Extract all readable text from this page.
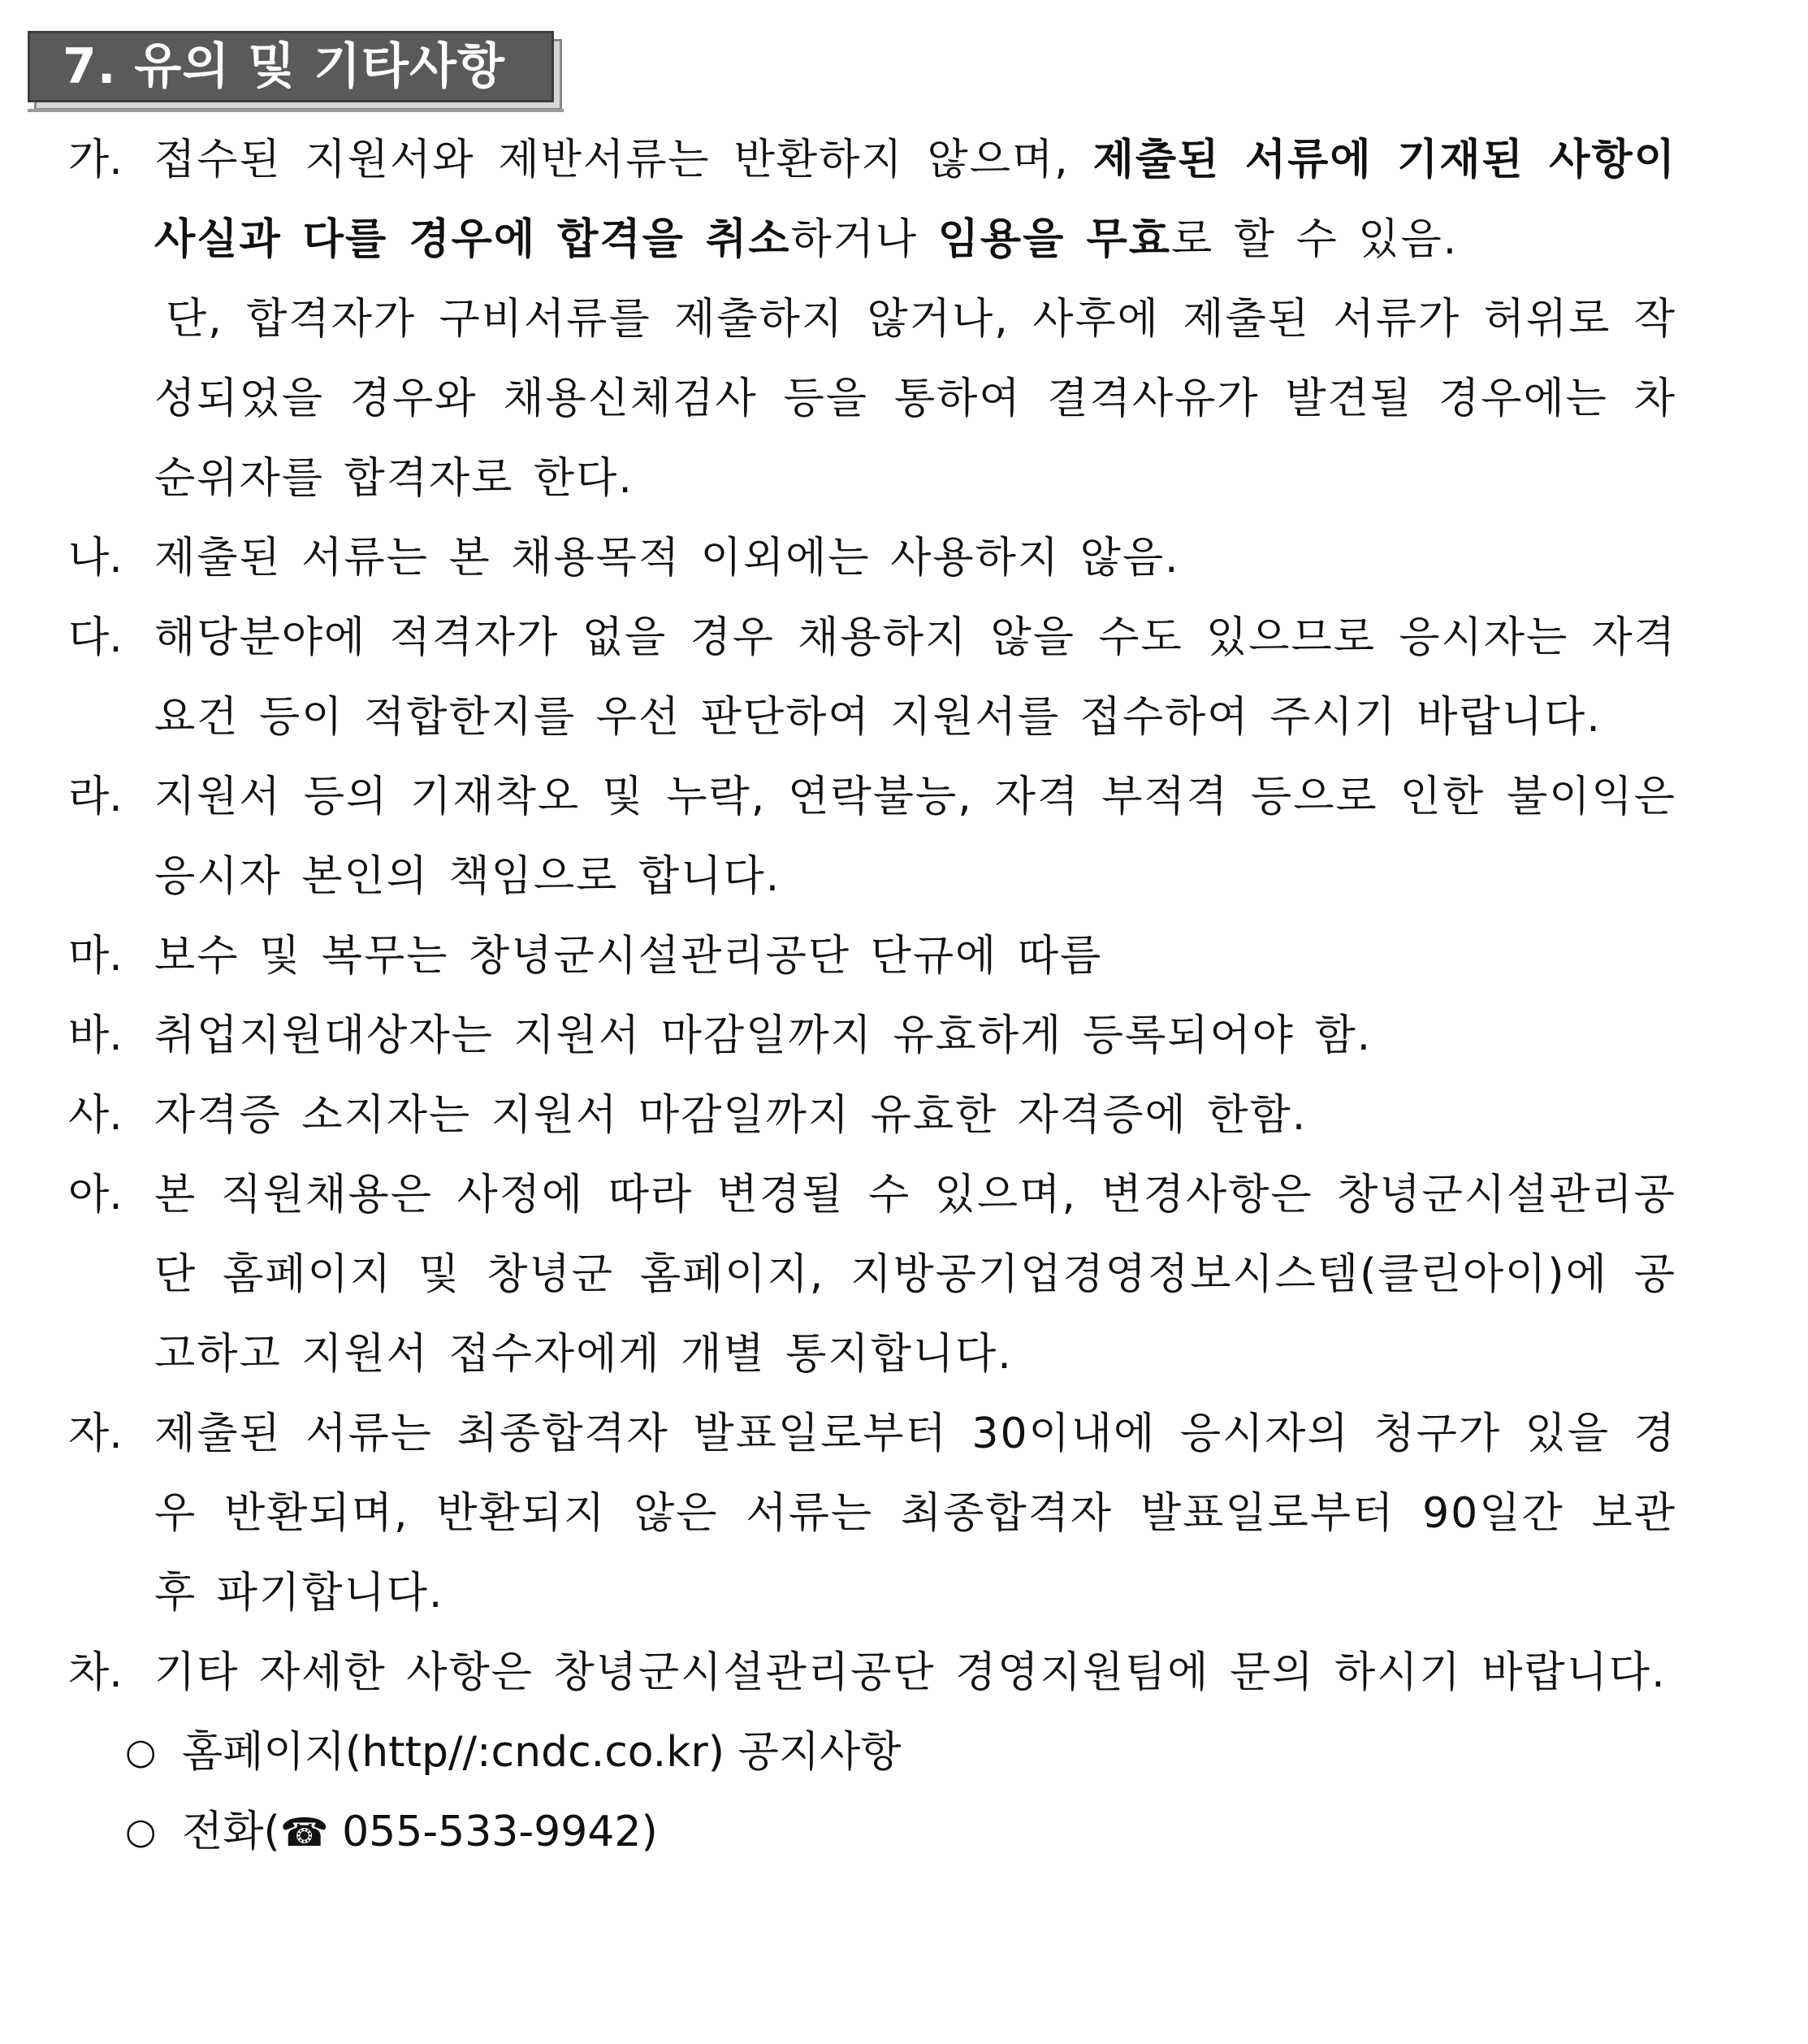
7. 유의 및 기타사항
가. 접수된 지원서와 제반서류는 반환하지 않으며, 제출된 서류에 기재된 사항이 사실과 다를 경우에 합격을 취소하거나 임용을 무효로 할 수 있음.
단, 합격자가 구비서류를 제출하지 않거나, 사후에 제출된 서류가 허위로 작성되었을 경우와 채용신체검사 등을 통하여 결격사유가 발견될 경우에는 차 순위자를 합격자로 한다.
나. 제출된 서류는 본 채용목적 이외에는 사용하지 않음.
다. 해당분야에 적격자가 없을 경우 채용하지 않을 수도 있으므로 응시자는 자격요건 등이 적합한지를 우선 판단하여 지원서를 접수하여 주시기 바랍니다.
라. 지원서 등의 기재착오 및 누락, 연락불능, 자격 부적격 등으로 인한 불이익은 응시자 본인의 책임으로 합니다.
마. 보수 및 복무는 창녕군시설관리공단 단규에 따름
바. 취업지원대상자는 지원서 마감일까지 유효하게 등록되어야 함.
사. 자격증 소지자는 지원서 마감일까지 유효한 자격증에 한함.
아. 본 직원채용은 사정에 따라 변경될 수 있으며, 변경사항은 창녕군시설관리공단 홈페이지 및 창녕군 홈페이지, 지방공기업경영정보시스템(클린아이)에 공고하고 지원서 접수자에게 개별 통지합니다.
자. 제출된 서류는 최종합격자 발표일로부터 30이내에 응시자의 청구가 있을 경우 반환되며, 반환되지 않은 서류는 최종합격자 발표일로부터 90일간 보관 후 파기합니다.
차. 기타 자세한 사항은 창녕군시설관리공단 경영지원팀에 문의 하시기 바랍니다.
○ 홈페이지(http//:cndc.co.kr) 공지사항
○ 전화(☎ 055-533-9942)
